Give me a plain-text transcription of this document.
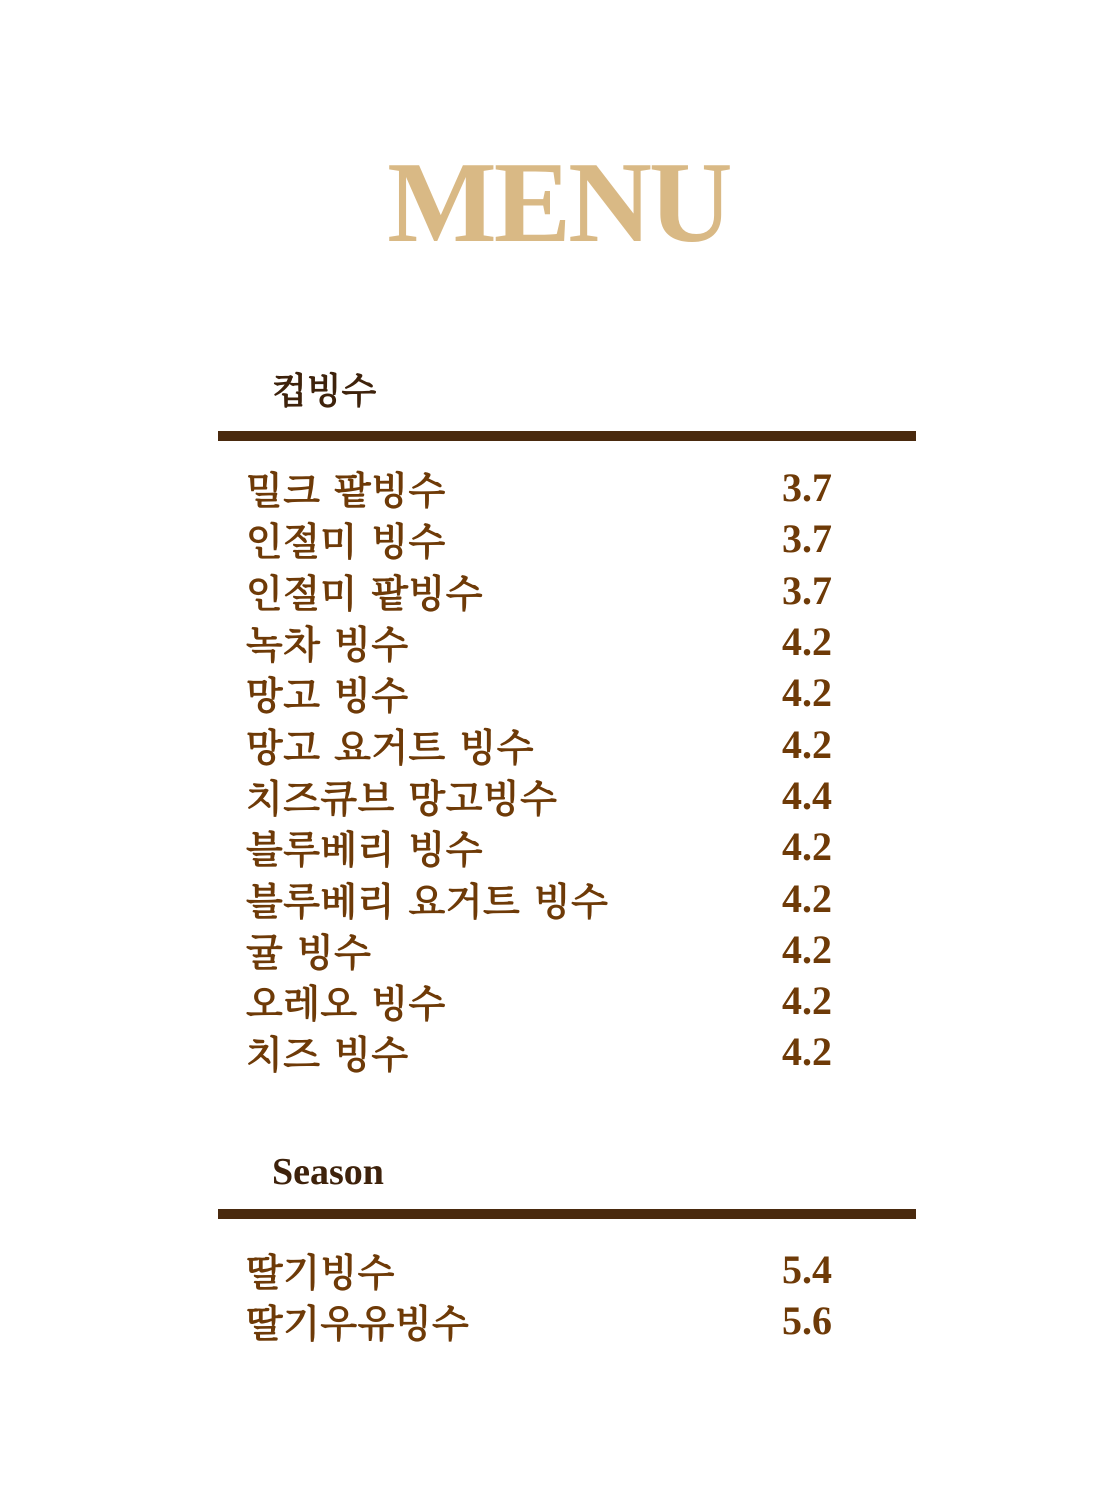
MENU
컵빙수
밀크 팥빙수	3.7
인절미 빙수	3.7
인절미 팥빙수	3.7
녹차 빙수	4.2
망고 빙수	4.2
망고 요거트 빙수	4.2
치즈큐브 망고빙수	4.4
블루베리 빙수	4.2
블루베리 요거트 빙수	4.2
귤 빙수	4.2
오레오 빙수	4.2
치즈 빙수	4.2
Season
딸기빙수	5.4
딸기우유빙수	5.6
